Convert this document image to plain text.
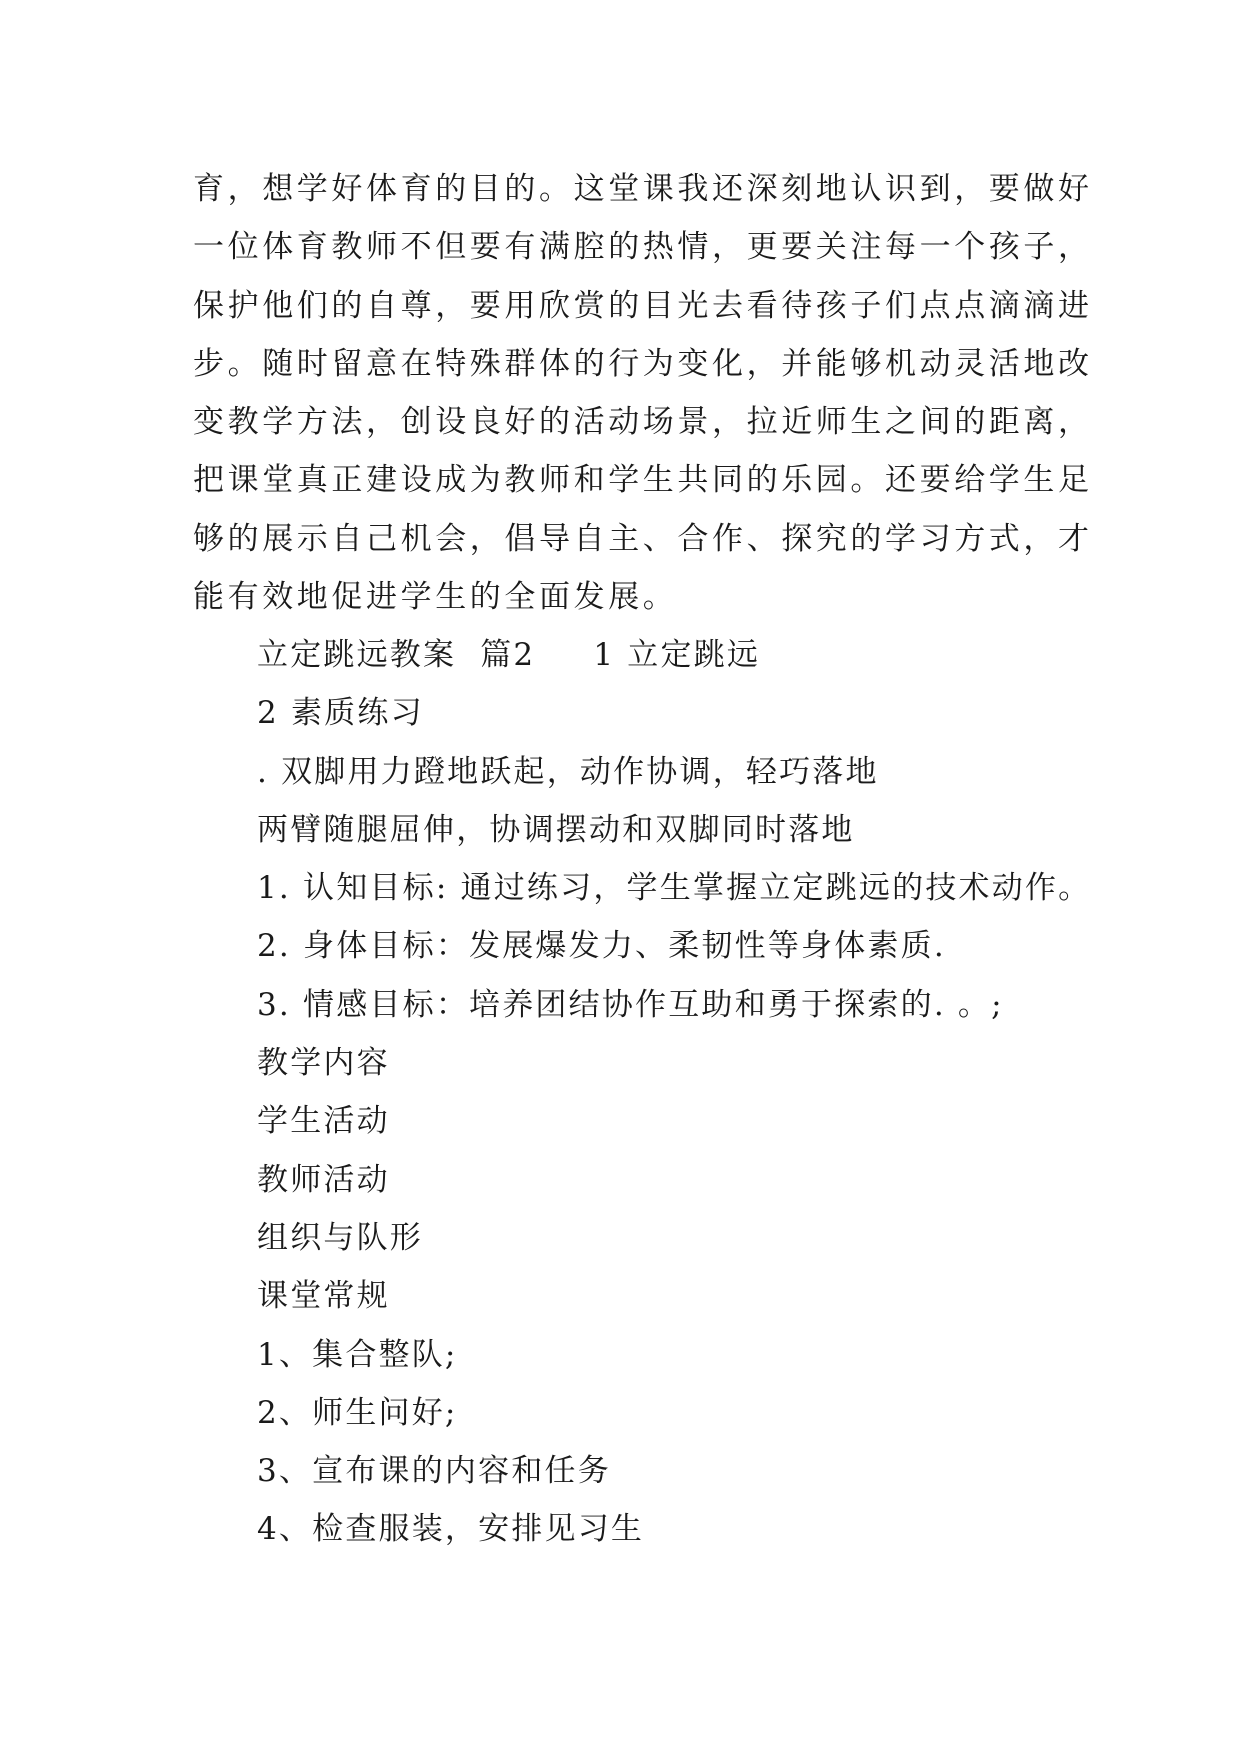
育，想学好体育的目的。这堂课我还深刻地认识到，要做好
一位体育教师不但要有满腔的热情，更要关注每一个孩子，
保护他们的自尊，要用欣赏的目光去看待孩子们点点滴滴进
步。随时留意在特殊群体的行为变化，并能够机动灵活地改
变教学方法，创设良好的活动场景，拉近师生之间的距离，
把课堂真正建设成为教师和学生共同的乐园。还要给学生足
够的展示自己机会，倡导自主、合作、探究的学习方式，才
能有效地促进学生的全面发展。
立定跳远教案 篇2 1 立定跳远
2 素质练习
. 双脚用力蹬地跃起，动作协调，轻巧落地
两臂随腿屈伸，协调摆动和双脚同时落地
1. 认知目标: 通过练习，学生掌握立定跳远的技术动作。
2. 身体目标：发展爆发力、柔韧性等身体素质.
3. 情感目标：培养团结协作互助和勇于探索的. 。;
教学内容
学生活动
教师活动
组织与队形
课堂常规
1、集合整队;
2、师生问好;
3、宣布课的内容和任务
4、检查服装，安排见习生
